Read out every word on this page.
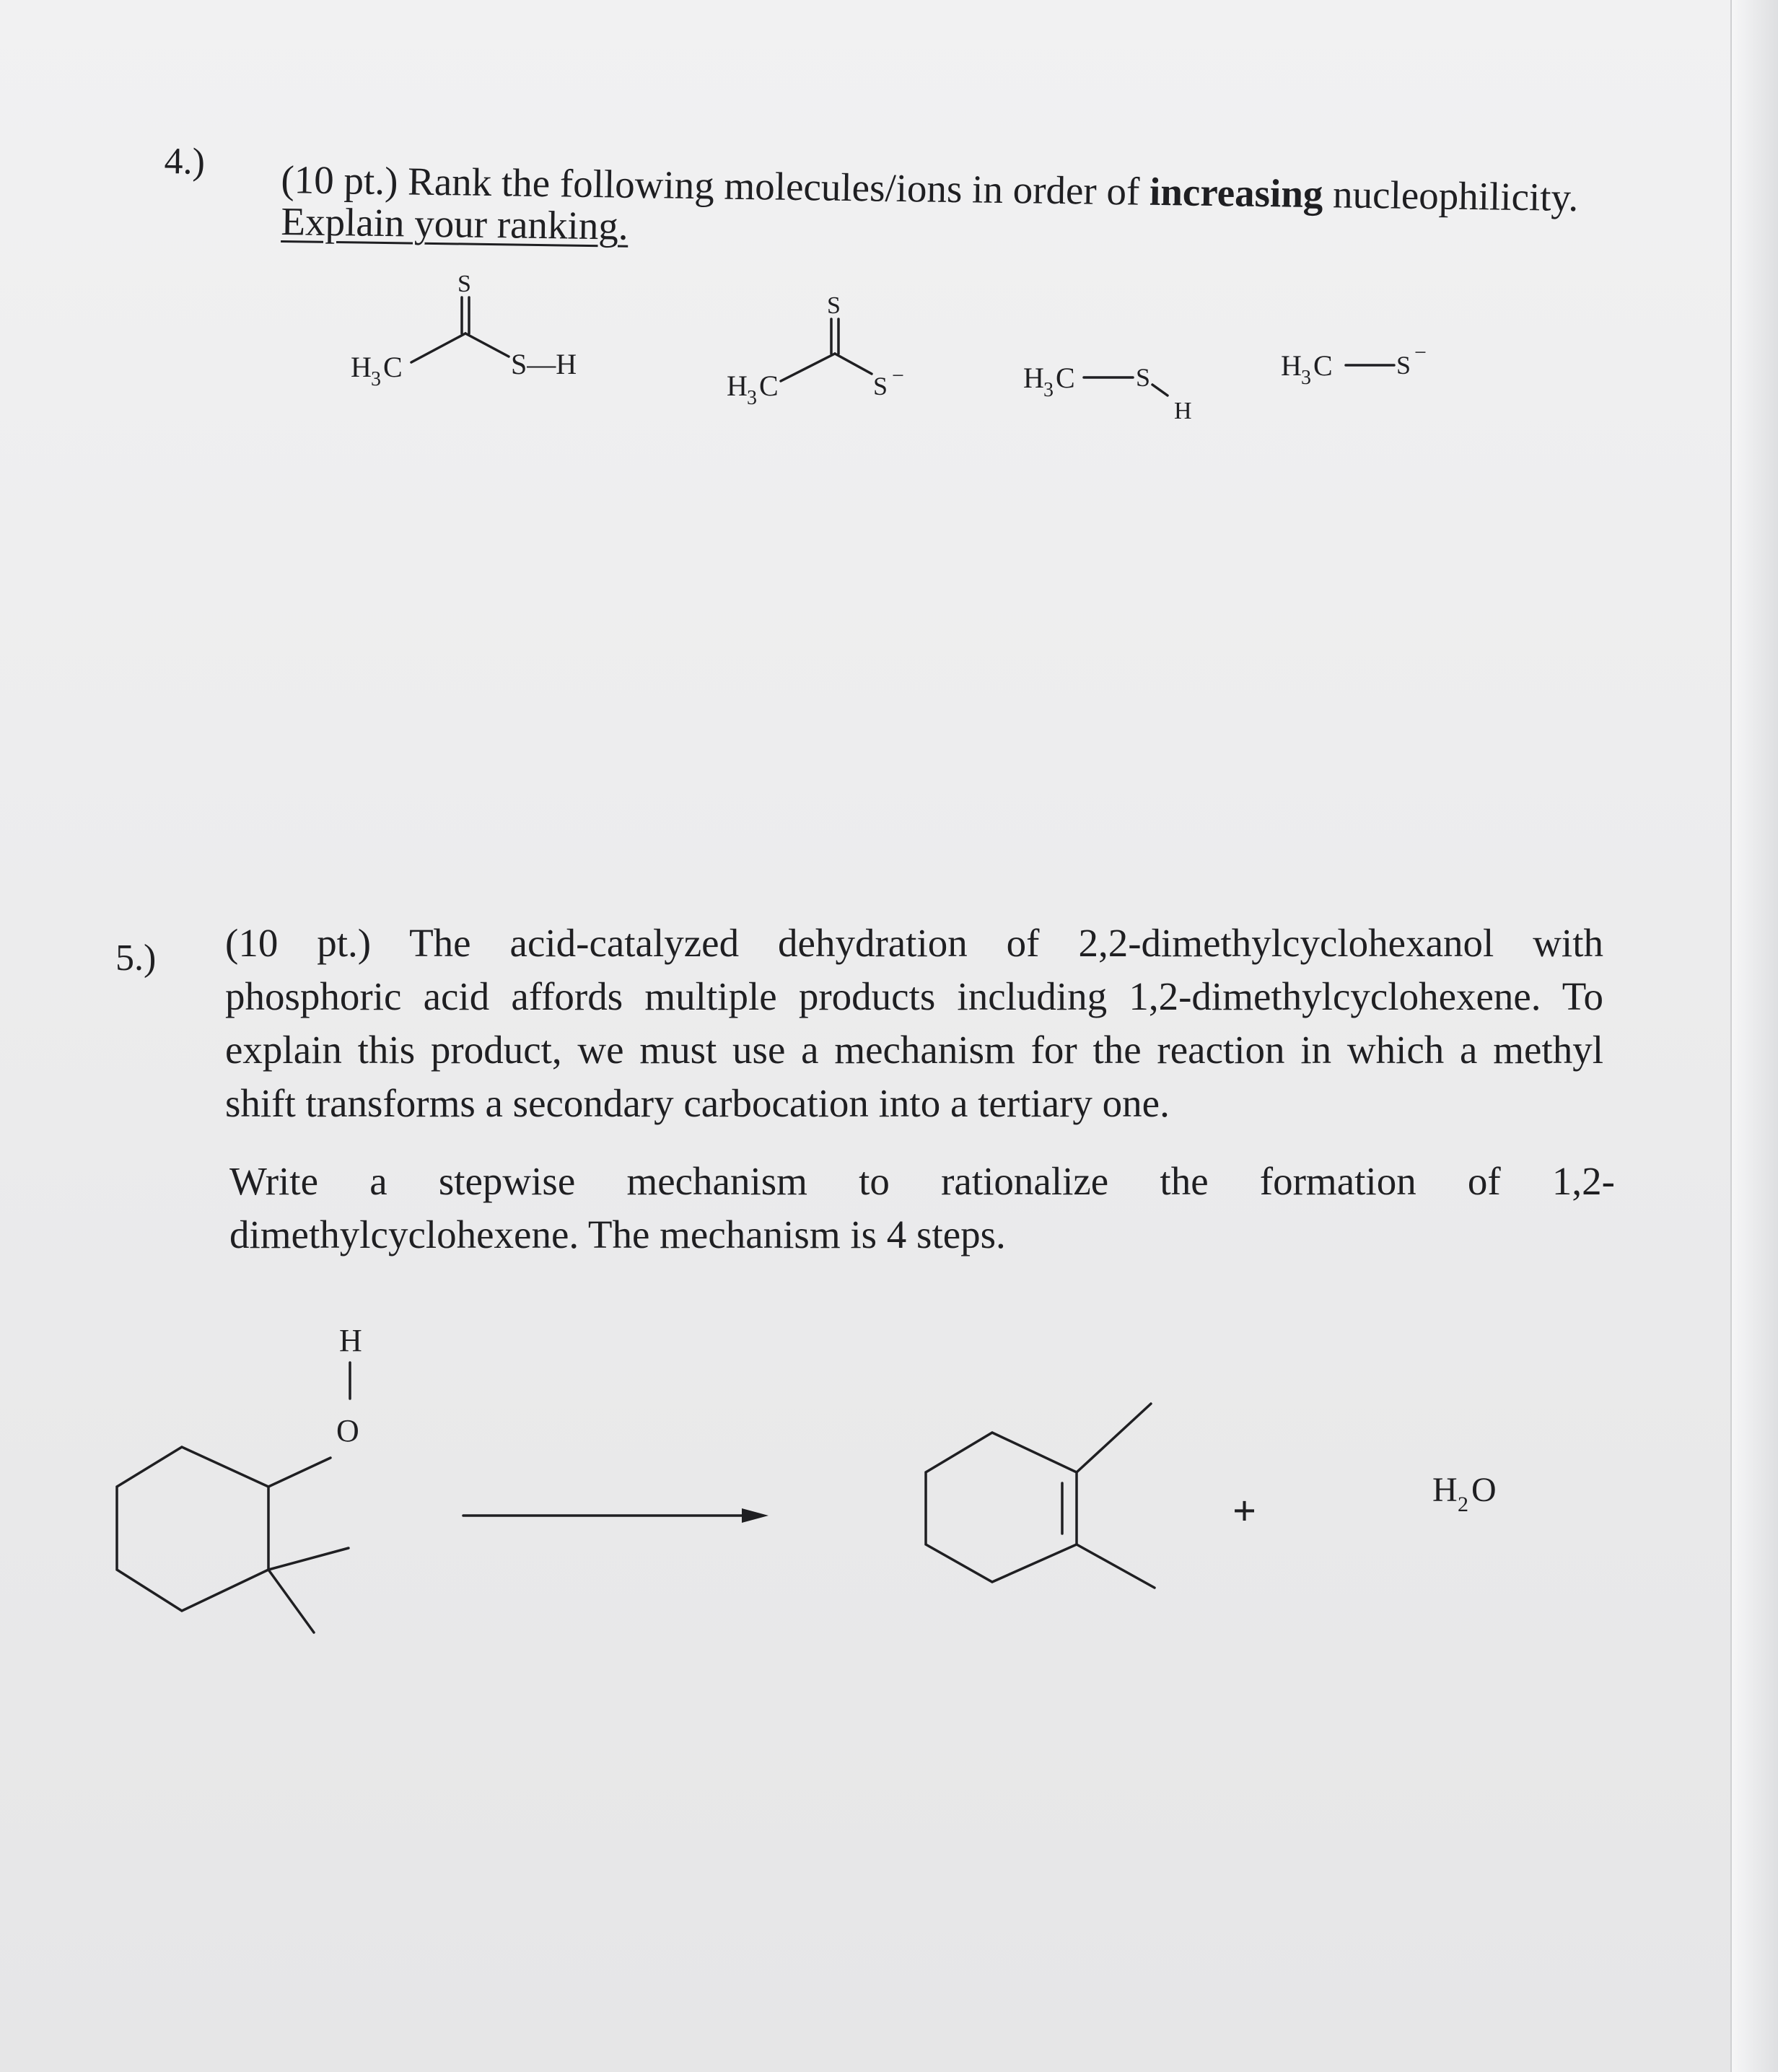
4.) (10 pt.) Rank the following molecules/ions in order of increasing nucleophilicity.
Explain your ranking.
5.) (10 pt.) The acid-catalyzed dehydration of 2,2-dimethylcyclohexanol with
phosphoric acid affords multiple products including 1,2-dimethylcyclohexene. To
explain this product, we must use a mechanism for the reaction in which a methyl
shift transforms a secondary carbocation into a tertiary one.
Write a stepwise mechanism to rationalize the formation of 1,2-
dimethylcyclohexene. The mechanism is 4 steps.
H 3 C
S
S—H
H 3 C
S
S −	H 3 C S
H
H 3 C S −
H
O
+	H 2 O
